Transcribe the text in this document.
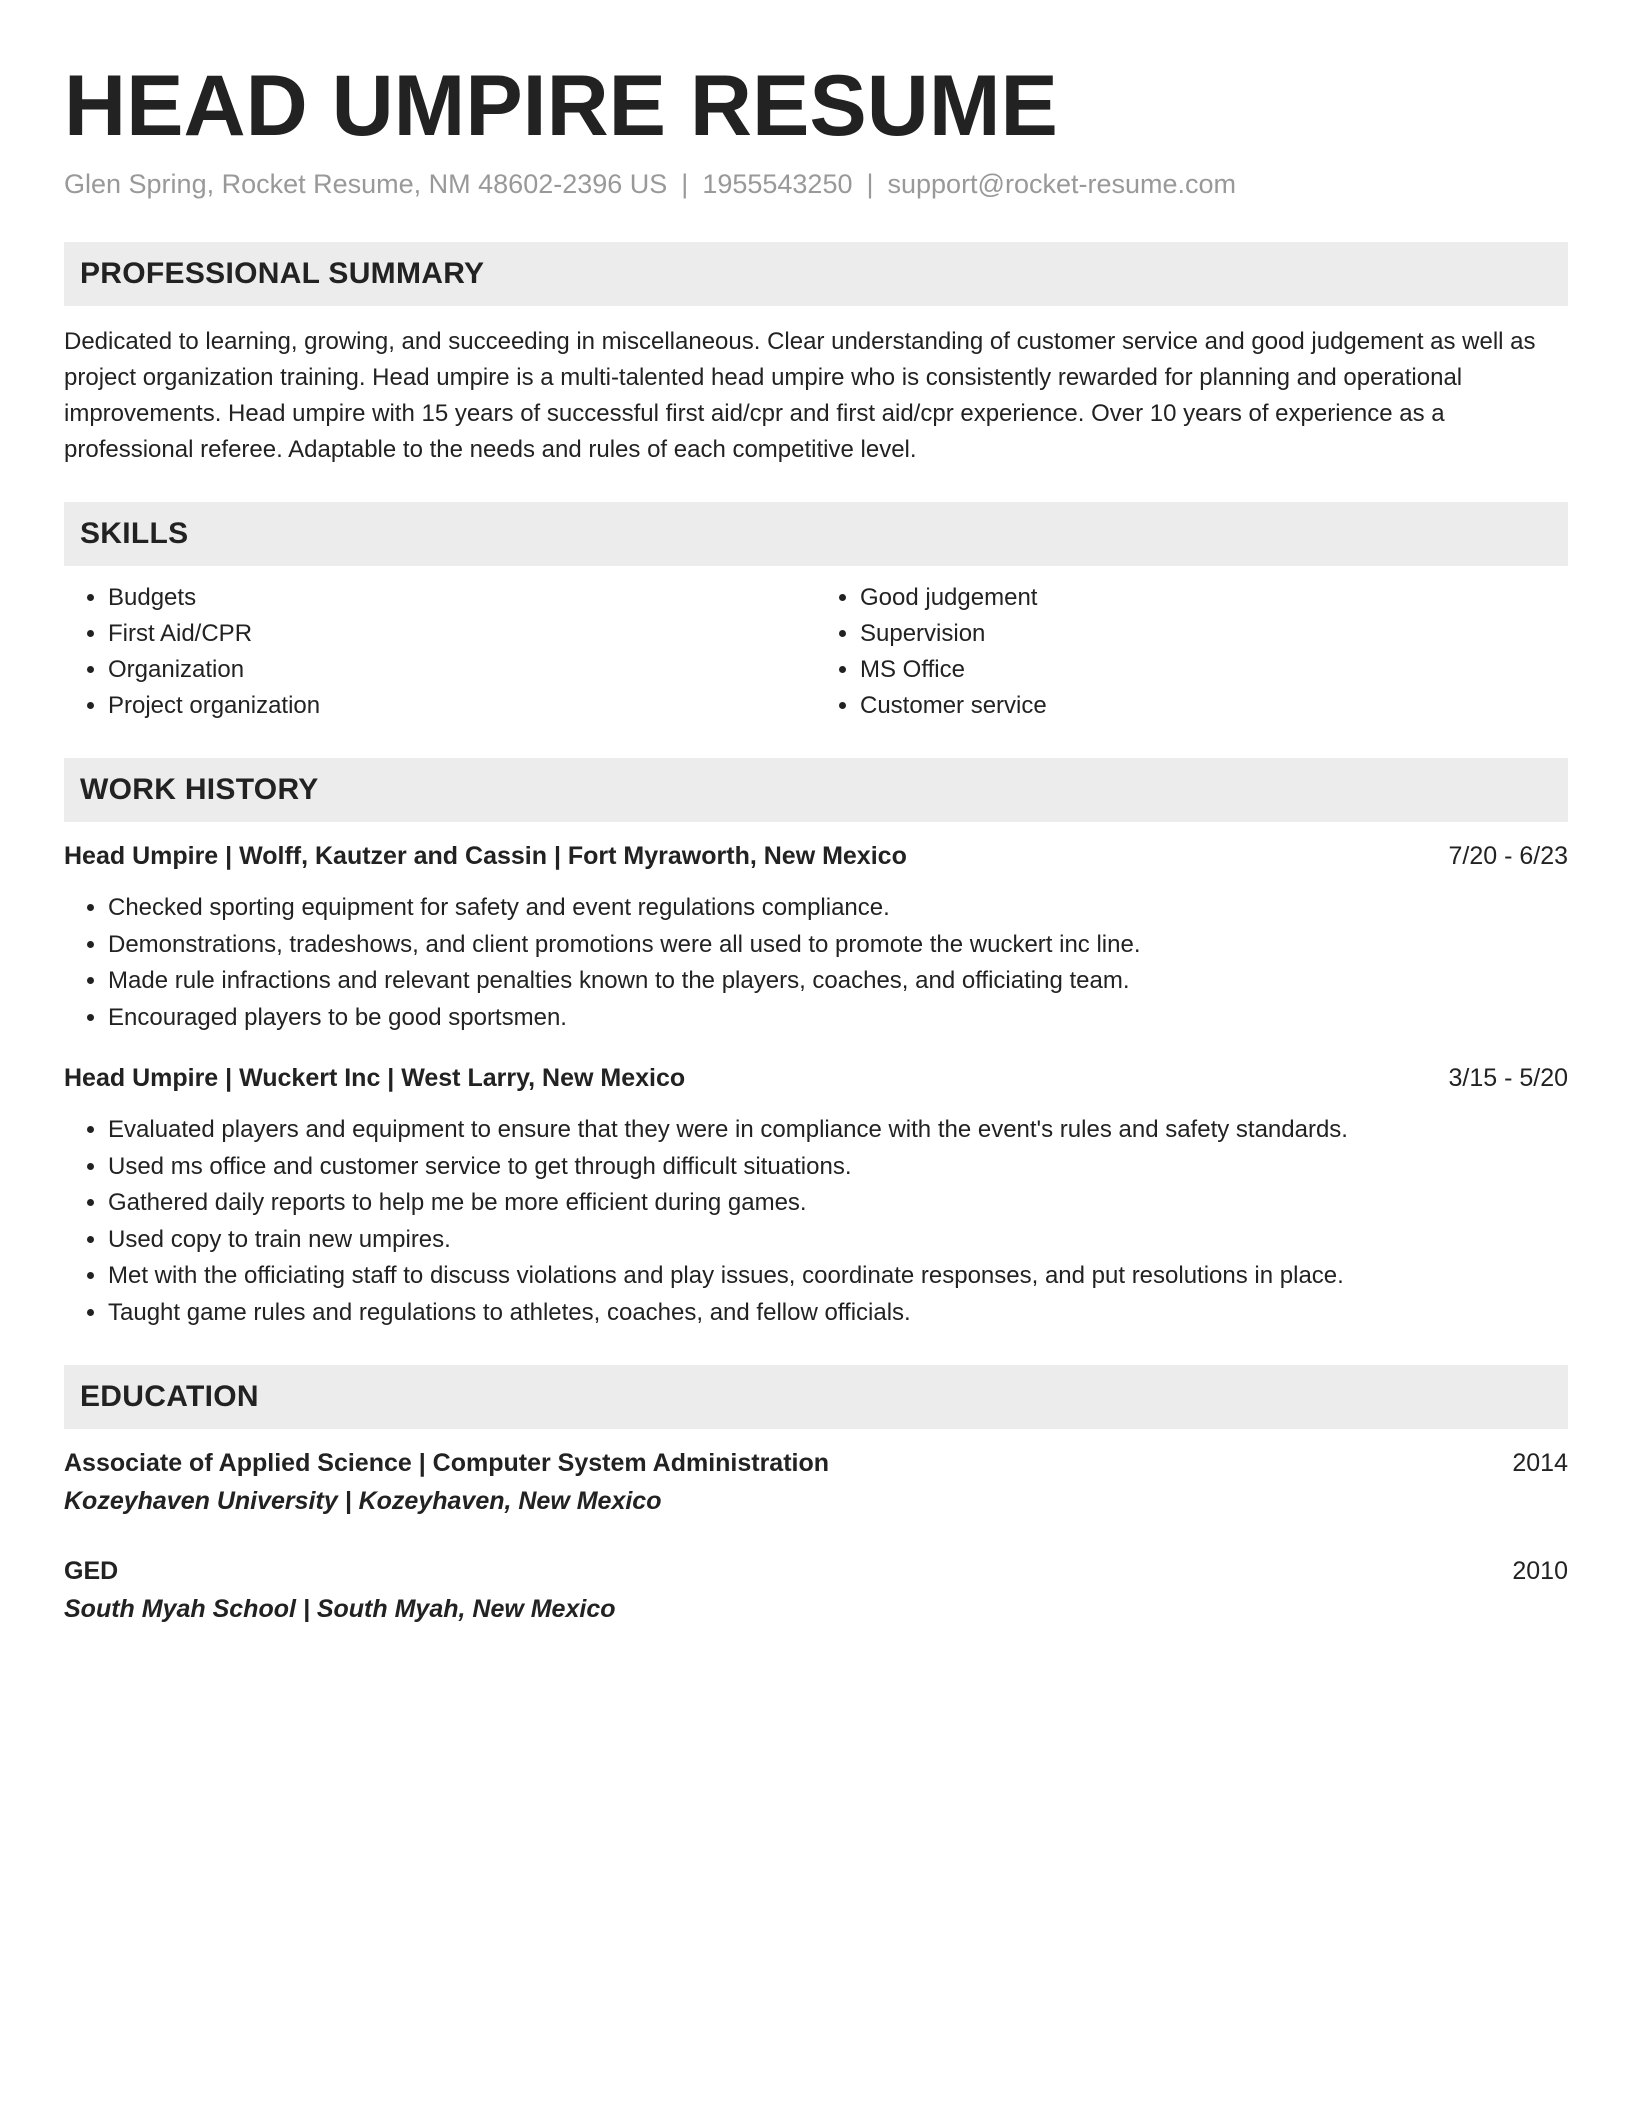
HEAD UMPIRE RESUME
Glen Spring, Rocket Resume, NM 48602-2396 US | 1955543250 | support@rocket-resume.com
PROFESSIONAL SUMMARY

Dedicated to learning, growing, and succeeding in miscellaneous. Clear understanding of customer service and good judgement as well as project organization training. Head umpire is a multi-talented head umpire who is consistently rewarded for planning and operational improvements. Head umpire with 15 years of successful first aid/cpr and first aid/cpr experience. Over 10 years of experience as a professional referee. Adaptable to the needs and rules of each competitive level.

SKILLS
• Budgets
• First Aid/CPR
• Organization
• Project organization
• Good judgement
• Supervision
• MS Office
• Customer service
WORK HISTORY
Head Umpire | Wolff, Kautzer and Cassin | Fort Myraworth, New Mexico	7/20 - 6/23
• Checked sporting equipment for safety and event regulations compliance.
• Demonstrations, tradeshows, and client promotions were all used to promote the wuckert inc line.
• Made rule infractions and relevant penalties known to the players, coaches, and officiating team.
• Encouraged players to be good sportsmen.
Head Umpire | Wuckert Inc | West Larry, New Mexico	3/15 - 5/20
• Evaluated players and equipment to ensure that they were in compliance with the event's rules and safety standards.
• Used ms office and customer service to get through difficult situations.
• Gathered daily reports to help me be more efficient during games.
• Used copy to train new umpires.
• Met with the officiating staff to discuss violations and play issues, coordinate responses, and put resolutions in place.
• Taught game rules and regulations to athletes, coaches, and fellow officials.
EDUCATION
Associate of Applied Science | Computer System Administration	2014
Kozeyhaven University | Kozeyhaven, New Mexico
GED	2010
South Myah School | South Myah, New Mexico
